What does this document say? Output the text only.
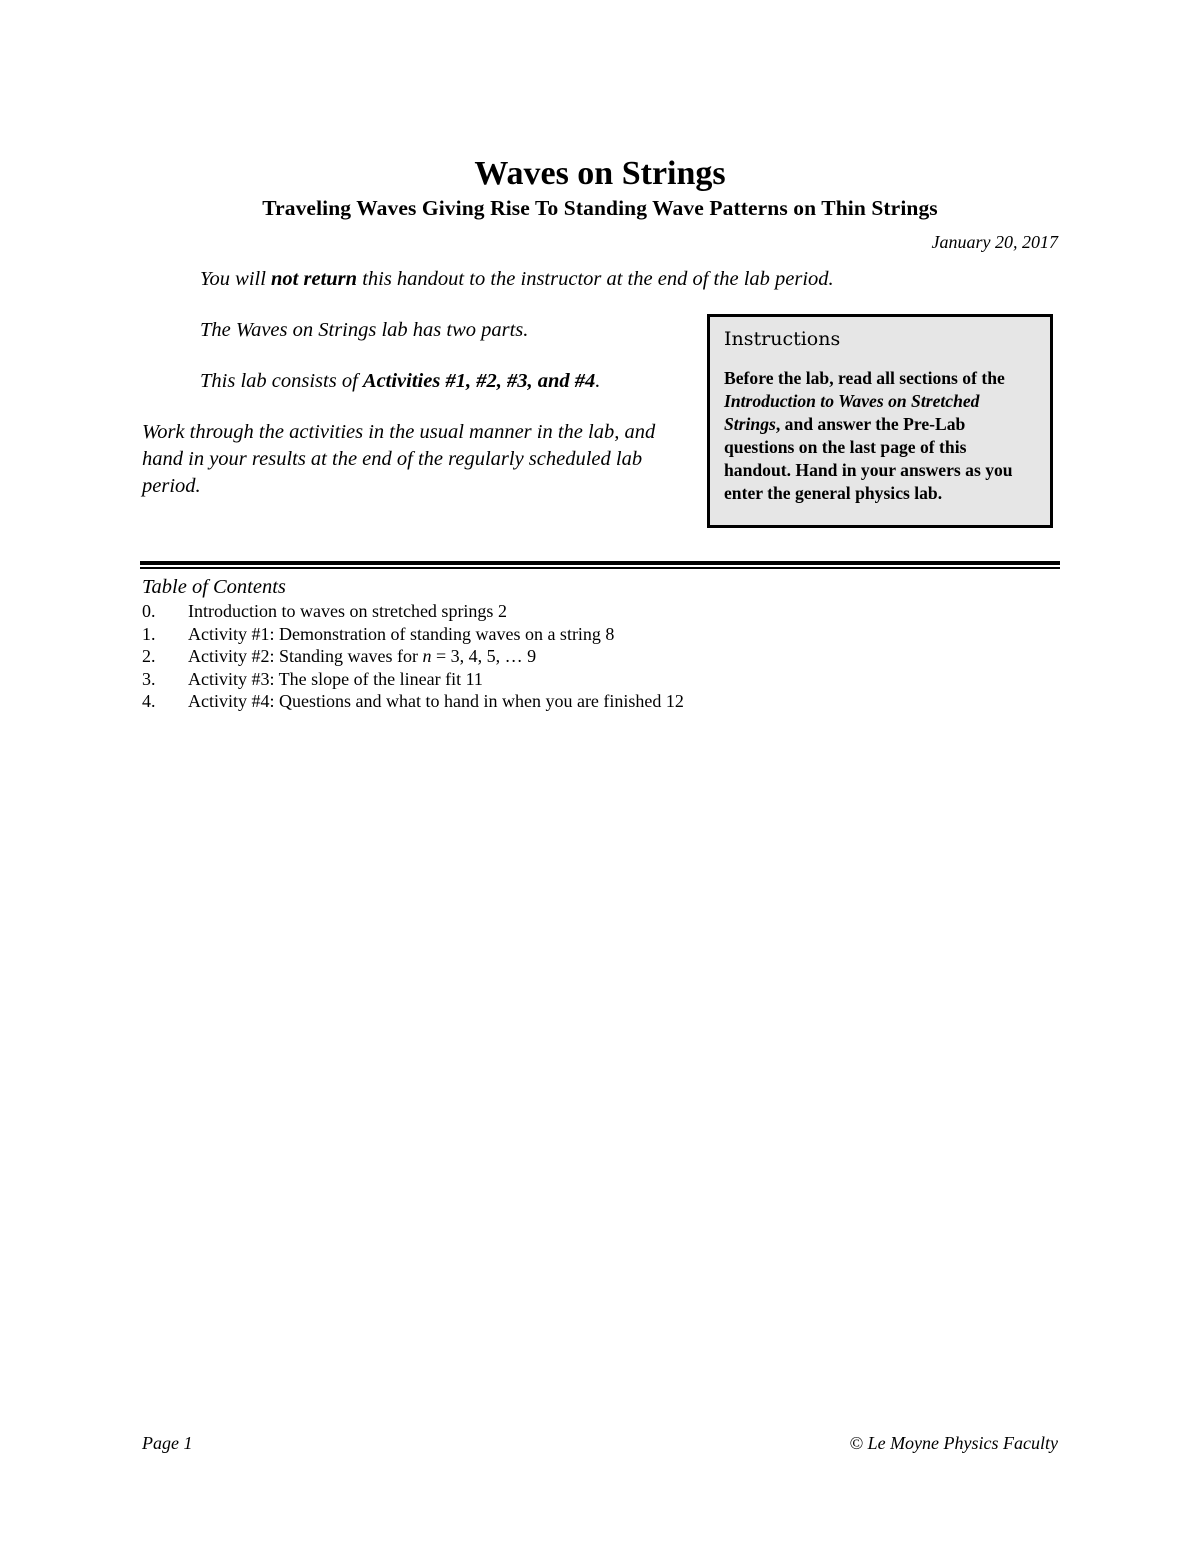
Waves on Strings
Traveling Waves Giving Rise To Standing Wave Patterns on Thin Strings
January 20, 2017
You will not return this handout to the instructor at the end of the lab period.
The Waves on Strings lab has two parts.
This lab consists of Activities #1, #2, #3, and #4.
Work through the activities in the usual manner in the lab, and hand in your results at the end of the regularly scheduled lab period.
Instructions

Before the lab, read all sections of the Introduction to Waves on Stretched Strings, and answer the Pre-Lab questions on the last page of this handout. Hand in your answers as you enter the general physics lab.

Table of Contents
0.	Introduction to waves on stretched springs 2
1.	Activity #1: Demonstration of standing waves on a string 8
2.	Activity #2: Standing waves for n = 3, 4, 5, … 9
3.	Activity #3: The slope of the linear fit 11
4.	Activity #4: Questions and what to hand in when you are finished 12
Page 1	© Le Moyne Physics Faculty
